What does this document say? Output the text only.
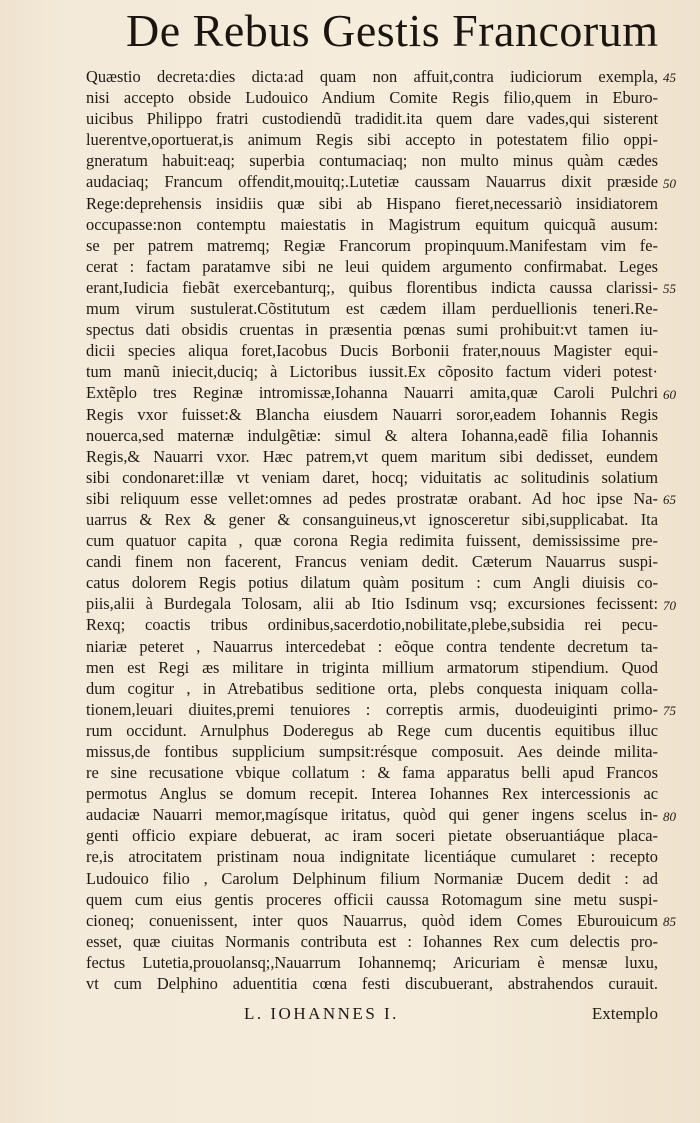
De Rebus Gestis Francorum
Quæstio decreta:dies dicta:ad quam non affuit,contra iudiciorum exempla,
nisi accepto obside Ludouico Andium Comite Regis filio,quem in Eburo-
uicibus Philippo fratri custodiendũ tradidit.ita quem dare vades,qui sisterent
luerentve,oportuerat,is animum Regis sibi accepto in potestatem filio oppi-
gneratum habuit:eaq; superbia contumaciaq; non multo minus quàm cædes
audaciaq; Francum offendit,mouitq;.Lutetiæ caussam Nauarrus dixit præside
Rege:deprehensis insidiis quæ sibi ab Hispano fieret,necessariò insidiatorem
occupasse:non contemptu maiestatis in Magistrum equitum quicquã ausum:
se per patrem matremq; Regiæ Francorum propinquum.Manifestam vim fe-
cerat : factam paratamve sibi ne leui quidem argumento confirmabat. Leges
erant,Iudicia fiebãt exercebanturq;, quibus florentibus indicta caussa clarissi-
mum virum sustulerat.Cõstitutum est cædem illam perduellionis teneri.Re-
spectus dati obsidis cruentas in præsentia pœnas sumi prohibuit:vt tamen iu-
dicii species aliqua foret,Iacobus Ducis Borbonii frater,nouus Magister equi-
tum manũ iniecit,duciq; à Lictoribus iussit.Ex cõposito factum videri potest·
Extẽplo tres Reginæ intromissæ,Iohanna Nauarri amita,quæ Caroli Pulchri
Regis vxor fuisset:& Blancha eiusdem Nauarri soror,eadem Iohannis Regis
nouerca,sed maternæ indulgẽtiæ: simul & altera Iohanna,eadẽ filia Iohannis
Regis,& Nauarri vxor. Hæc patrem,vt quem maritum sibi dedisset, eundem
sibi condonaret:illæ vt veniam daret, hocq; viduitatis ac solitudinis solatium
sibi reliquum esse vellet:omnes ad pedes prostratæ orabant. Ad hoc ipse Na-
uarrus & Rex & gener & consanguineus,vt ignosceretur sibi,supplicabat. Ita
cum quatuor capita , quæ corona Regia redimita fuissent, demississime pre-
candi finem non facerent, Francus veniam dedit. Cæterum Nauarrus suspi-
catus dolorem Regis potius dilatum quàm positum : cum Angli diuisis co-
piis,alii à Burdegala Tolosam, alii ab Itio Isdinum vsq; excursiones fecissent:
Rexq; coactis tribus ordinibus,sacerdotio,nobilitate,plebe,subsidia rei pecu-
niariæ peteret , Nauarrus intercedebat : eõque contra tendente decretum ta-
men est Regi æs militare in triginta millium armatorum stipendium. Quod
dum cogitur , in Atrebatibus seditione orta, plebs conquesta iniquam colla-
tionem,leuari diuites,premi tenuiores : correptis armis, duodeuiginti primo-
rum occidunt. Arnulphus Doderegus ab Rege cum ducentis equitibus illuc
missus,de fontibus supplicium sumpsit:résque composuit. Aes deinde milita-
re sine recusatione vbique collatum : & fama apparatus belli apud Francos
permotus Anglus se domum recepit. Interea Iohannes Rex intercessionis ac
audaciæ Nauarri memor,magísque iritatus, quòd qui gener ingens scelus in-
genti officio expiare debuerat, ac iram soceri pietate obseruantiáque placa-
re,is atrocitatem pristinam noua indignitate licentiáque cumularet : recepto
Ludouico filio , Carolum Delphinum filium Normaniæ Ducem dedit : ad
quem cum eius gentis proceres officii caussa Rotomagum sine metu suspi-
cioneq; conuenissent, inter quos Nauarrus, quòd idem Comes Eburouicum
esset, quæ ciuitas Normanis contributa est : Iohannes Rex cum delectis pro-
fectus Lutetia,prouolansq;,Nauarrum Iohannemq; Aricuriam è mensæ luxu,
vt cum Delphino aduentitia cœna festi discubuerant, abstrahendos curauit.
45
50
55
60
65
70
75
80
85
L. IOHANNES I.	Extemplo
